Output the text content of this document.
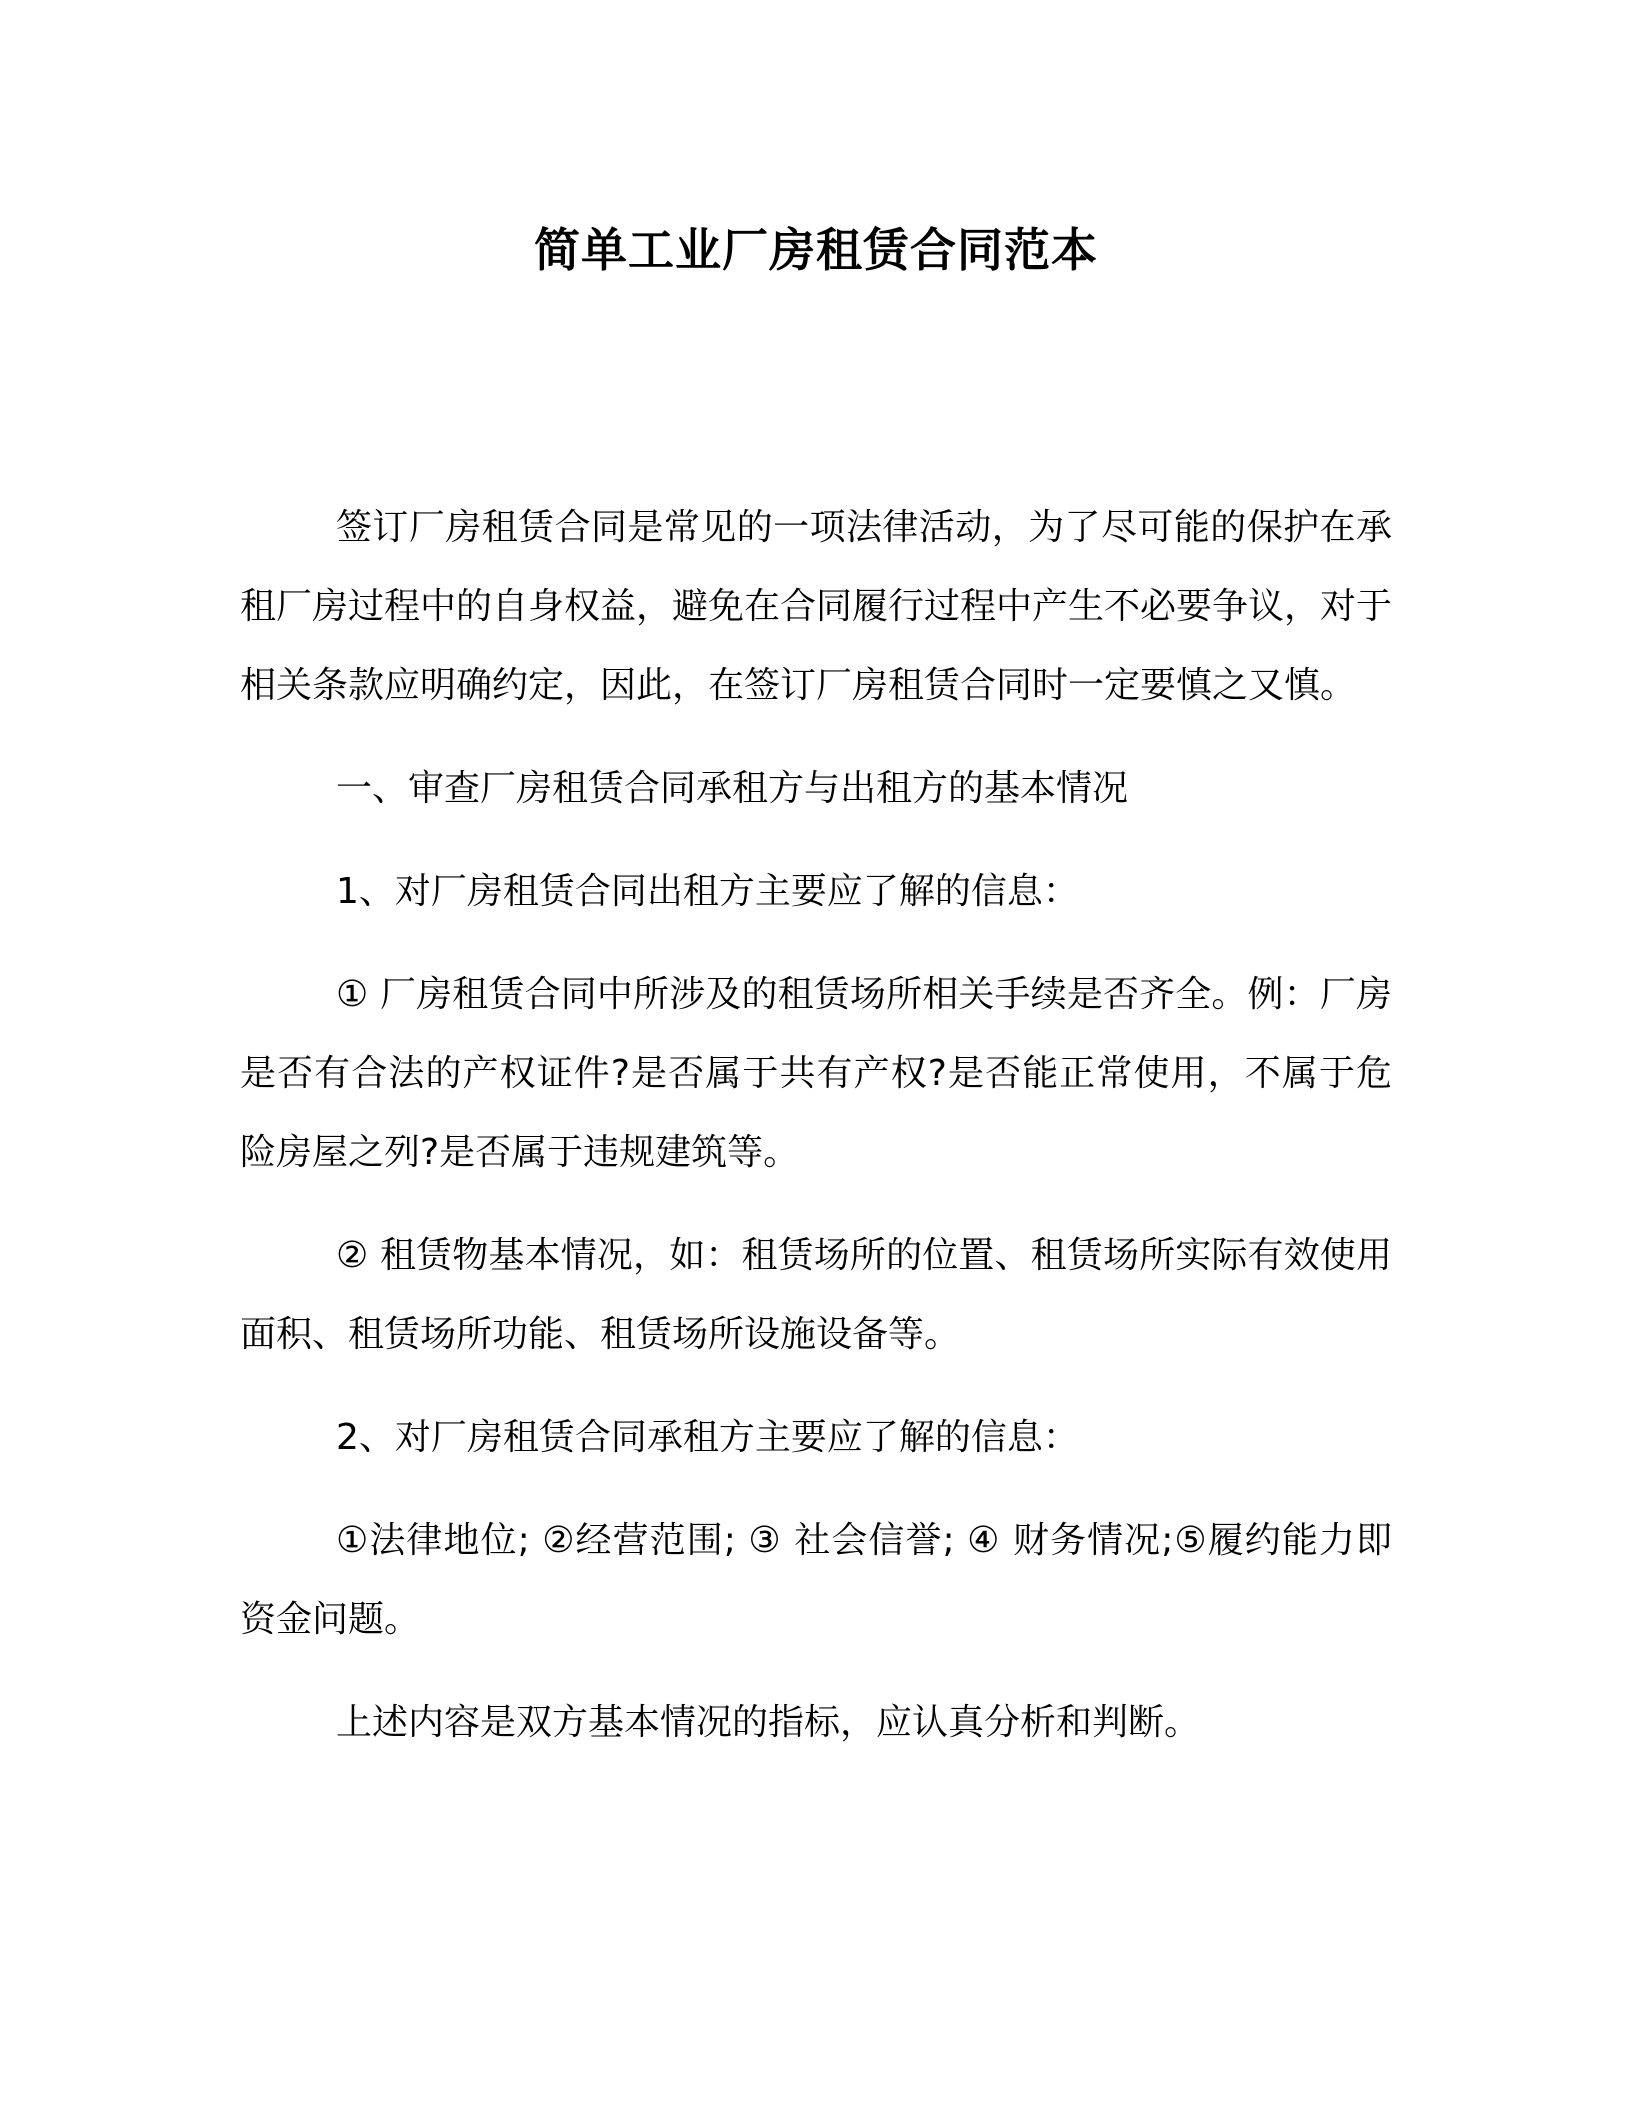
简单工业厂房租赁合同范本

签订厂房租赁合同是常见的一项法律活动，为了尽可能的保护在承租厂房过程中的自身权益，避免在合同履行过程中产生不必要争议，对于相关条款应明确约定，因此，在签订厂房租赁合同时一定要慎之又慎。

一、审查厂房租赁合同承租方与出租方的基本情况

1、对厂房租赁合同出租方主要应了解的信息：

① 厂房租赁合同中所涉及的租赁场所相关手续是否齐全。例：厂房是否有合法的产权证件?是否属于共有产权?是否能正常使用，不属于危险房屋之列?是否属于违规建筑等。

② 租赁物基本情况，如：租赁场所的位置、租赁场所实际有效使用面积、租赁场所功能、租赁场所设施设备等。

2、对厂房租赁合同承租方主要应了解的信息：

①法律地位; ②经营范围; ③ 社会信誉; ④ 财务情况;⑤履约能力即资金问题。

上述内容是双方基本情况的指标，应认真分析和判断。
